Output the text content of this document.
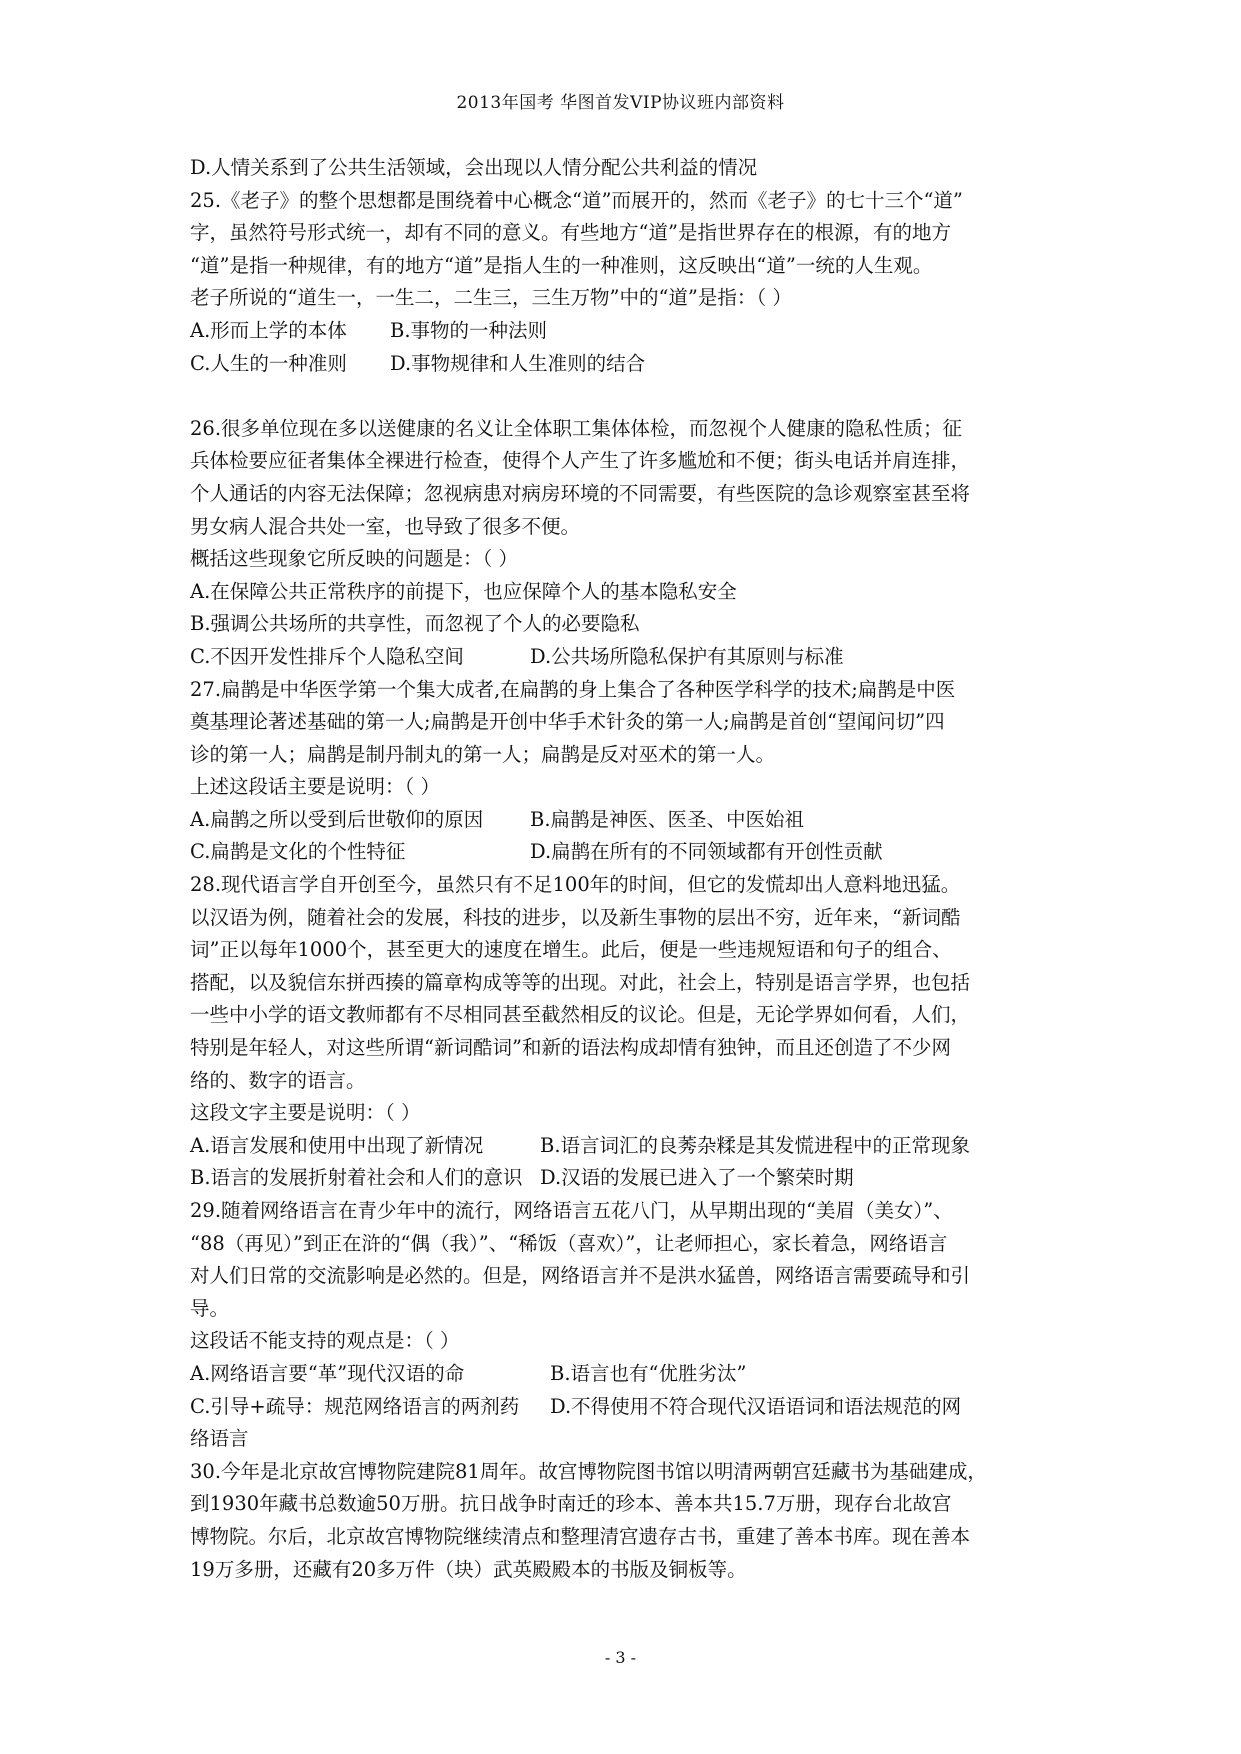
2013年国考 华图首发VIP协议班内部资料
D.人情关系到了公共生活领域，会出现以人情分配公共利益的情况
25.《老子》的整个思想都是围绕着中心概念“道”而展开的，然而《老子》的七十三个“道”
字，虽然符号形式统一，却有不同的意义。有些地方“道”是指世界存在的根源，有的地方
“道”是指一种规律，有的地方“道”是指人生的一种准则，这反映出“道”一统的人生观。
老子所说的“道生一，一生二，二生三，三生万物”中的“道”是指：（ ）
A.形而上学的本体	B.事物的一种法则
C.人生的一种准则	D.事物规律和人生准则的结合
26.很多单位现在多以送健康的名义让全体职工集体体检，而忽视个人健康的隐私性质；征
兵体检要应征者集体全裸进行检查，使得个人产生了许多尴尬和不便；街头电话并肩连排，
个人通话的内容无法保障；忽视病患对病房环境的不同需要，有些医院的急诊观察室甚至将
男女病人混合共处一室，也导致了很多不便。
概括这些现象它所反映的问题是：（ ）
A.在保障公共正常秩序的前提下，也应保障个人的基本隐私安全
B.强调公共场所的共享性，而忽视了个人的必要隐私
C.不因开发性排斥个人隐私空间	D.公共场所隐私保护有其原则与标准
27.扁鹊是中华医学第一个集大成者,在扁鹊的身上集合了各种医学科学的技术;扁鹊是中医
奠基理论著述基础的第一人;扁鹊是开创中华手术针灸的第一人;扁鹊是首创“望闻问切”四
诊的第一人；扁鹊是制丹制丸的第一人；扁鹊是反对巫术的第一人。
上述这段话主要是说明：（ ）
A.扁鹊之所以受到后世敬仰的原因	B.扁鹊是神医、医圣、中医始祖
C.扁鹊是文化的个性特征	D.扁鹊在所有的不同领域都有开创性贡献
28.现代语言学自开创至今，虽然只有不足100年的时间，但它的发慌却出人意料地迅猛。
以汉语为例，随着社会的发展，科技的进步，以及新生事物的层出不穷，近年来，“新词酷
词”正以每年1000个，甚至更大的速度在增生。此后，便是一些违规短语和句子的组合、
搭配，以及貌信东拼西揍的篇章构成等等的出现。对此，社会上，特别是语言学界，也包括
一些中小学的语文教师都有不尽相同甚至截然相反的议论。但是，无论学界如何看，人们，
特别是年轻人，对这些所谓“新词酷词”和新的语法构成却情有独钟，而且还创造了不少网
络的、数字的语言。
这段文字主要是说明：（ ）
A.语言发展和使用中出现了新情况	B.语言词汇的良莠杂糅是其发慌进程中的正常现象
B.语言的发展折射着社会和人们的意识 D.汉语的发展已进入了一个繁荣时期
29.随着网络语言在青少年中的流行，网络语言五花八门，从早期出现的“美眉（美女）”、
“88（再见）”到正在浒的“偶（我）”、“稀饭（喜欢）”，让老师担心，家长着急，网络语言
对人们日常的交流影响是必然的。但是，网络语言并不是洪水猛兽，网络语言需要疏导和引
导。
这段话不能支持的观点是：（ ）
A.网络语言要“革”现代汉语的命	B.语言也有“优胜劣汰”
C.引导+疏导：规范网络语言的两剂药	D.不得使用不符合现代汉语语词和语法规范的网
络语言
30.今年是北京故宫博物院建院81周年。故宫博物院图书馆以明清两朝宫廷藏书为基础建成，
到1930年藏书总数逾50万册。抗日战争时南迁的珍本、善本共15.7万册，现存台北故宫
博物院。尔后，北京故宫博物院继续清点和整理清宫遗存古书，重建了善本书库。现在善本
19万多册，还藏有20多万件（块）武英殿殿本的书版及铜板等。
- 3 -
